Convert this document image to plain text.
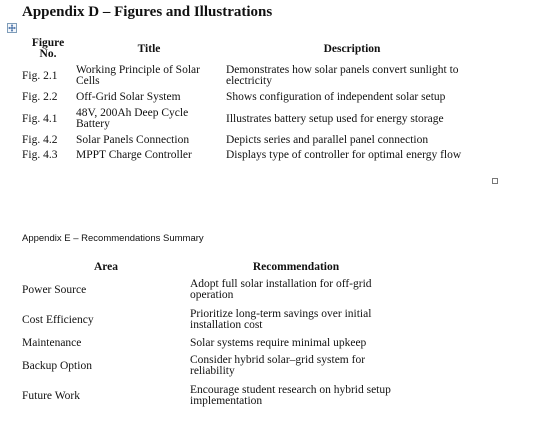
Appendix D – Figures and Illustrations
Figure
No.	Title	Description
Fig. 2.1	Working Principle of Solar Cells	Demonstrates how solar panels convert sunlight to electricity
Fig. 2.2	Off-Grid Solar System	Shows configuration of independent solar setup
Fig. 4.1	48V, 200Ah Deep Cycle Battery	Illustrates battery setup used for energy storage
Fig. 4.2	Solar Panels Connection	Depicts series and parallel panel connection
Fig. 4.3	MPPT Charge Controller	Displays type of controller for optimal energy flow
Appendix E – Recommendations Summary
Area	Recommendation
Power Source	Adopt full solar installation for off-grid operation
Cost Efficiency	Prioritize long-term savings over initial installation cost
Maintenance	Solar systems require minimal upkeep
Backup Option	Consider hybrid solar–grid system for reliability
Future Work	Encourage student research on hybrid setup implementation
